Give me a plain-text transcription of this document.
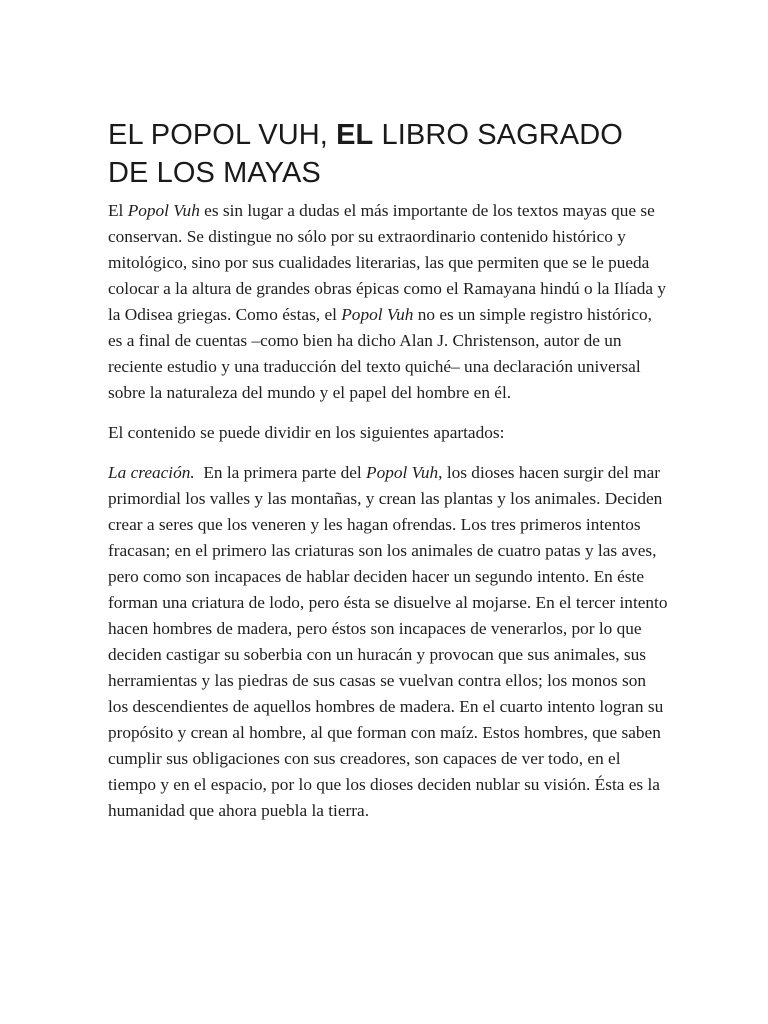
EL POPOL VUH, EL LIBRO SAGRADO DE LOS MAYAS

El Popol Vuh es sin lugar a dudas el más importante de los textos mayas que se conservan. Se distingue no sólo por su extraordinario contenido histórico y mitológico, sino por sus cualidades literarias, las que permiten que se le pueda colocar a la altura de grandes obras épicas como el Ramayana hindú o la Ilíada y la Odisea griegas. Como éstas, el Popol Vuh no es un simple registro histórico, es a final de cuentas –como bien ha dicho Alan J. Christenson, autor de un reciente estudio y una traducción del texto quiché– una declaración universal sobre la naturaleza del mundo y el papel del hombre en él.

El contenido se puede dividir en los siguientes apartados:

La creación.  En la primera parte del Popol Vuh, los dioses hacen surgir del mar primordial los valles y las montañas, y crean las plantas y los animales. Deciden crear a seres que los veneren y les hagan ofrendas. Los tres primeros intentos fracasan; en el primero las criaturas son los animales de cuatro patas y las aves, pero como son incapaces de hablar deciden hacer un segundo intento. En éste forman una criatura de lodo, pero ésta se disuelve al mojarse. En el tercer intento hacen hombres de madera, pero éstos son incapaces de venerarlos, por lo que deciden castigar su soberbia con un huracán y provocan que sus animales, sus herramientas y las piedras de sus casas se vuelvan contra ellos; los monos son los descendientes de aquellos hombres de madera. En el cuarto intento logran su propósito y crean al hombre, al que forman con maíz. Estos hombres, que saben cumplir sus obligaciones con sus creadores, son capaces de ver todo, en el tiempo y en el espacio, por lo que los dioses deciden nublar su visión. Ésta es la humanidad que ahora puebla la tierra.
